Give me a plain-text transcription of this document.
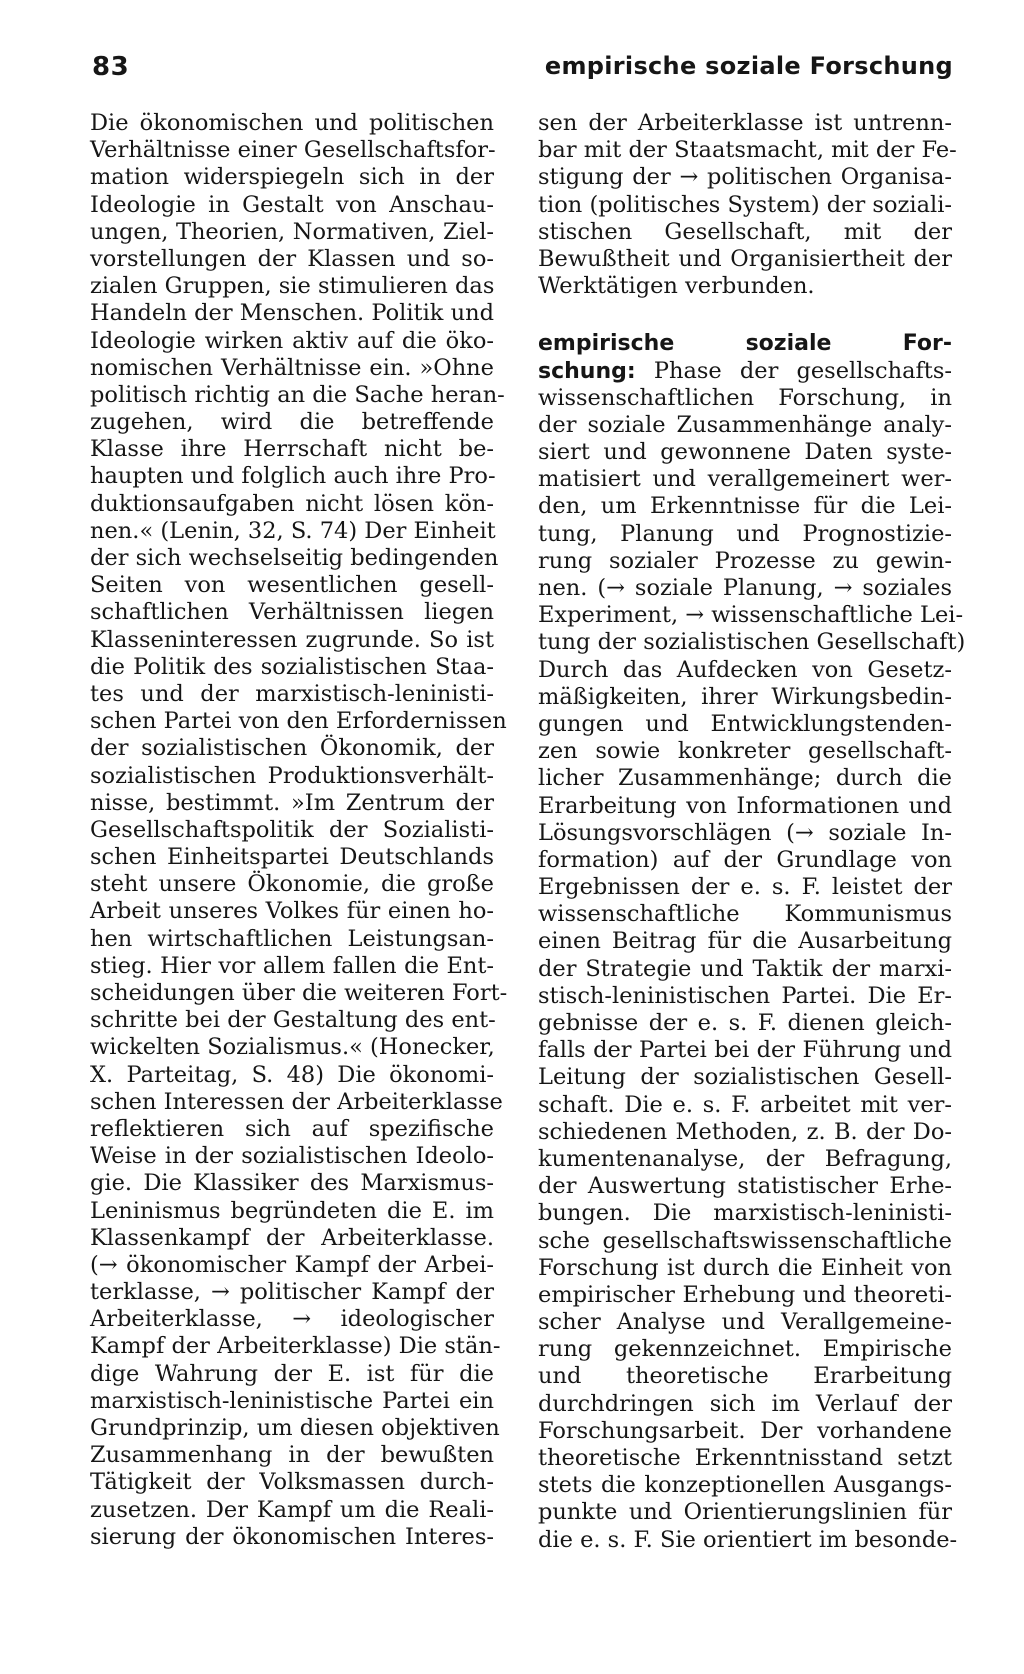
83	empirische soziale Forschung
Die ökonomischen und politischen
Verhältnisse einer Gesellschaftsfor-
mation widerspiegeln sich in der
Ideologie in Gestalt von Anschau-
ungen, Theorien, Normativen, Ziel-
vorstellungen der Klassen und so-
zialen Gruppen, sie stimulieren das
Handeln der Menschen. Politik und
Ideologie wirken aktiv auf die öko-
nomischen Verhältnisse ein. »Ohne
politisch richtig an die Sache heran-
zugehen, wird die betreffende
Klasse ihre Herrschaft nicht be-
haupten und folglich auch ihre Pro-
duktionsaufgaben nicht lösen kön-
nen.« (Lenin, 32, S. 74) Der Einheit
der sich wechselseitig bedingenden
Seiten von wesentlichen gesell-
schaftlichen Verhältnissen liegen
Klasseninteressen zugrunde. So ist
die Politik des sozialistischen Staa-
tes und der marxistisch-leninisti-
schen Partei von den Erfordernissen
der sozialistischen Ökonomik, der
sozialistischen Produktionsverhält-
nisse, bestimmt. »Im Zentrum der
Gesellschaftspolitik der Sozialisti-
schen Einheitspartei Deutschlands
steht unsere Ökonomie, die große
Arbeit unseres Volkes für einen ho-
hen wirtschaftlichen Leistungsan-
stieg. Hier vor allem fallen die Ent-
scheidungen über die weiteren Fort-
schritte bei der Gestaltung des ent-
wickelten Sozialismus.« (Honecker,
X. Parteitag, S. 48) Die ökonomi-
schen Interessen der Arbeiterklasse
reflektieren sich auf spezifische
Weise in der sozialistischen Ideolo-
gie. Die Klassiker des Marxismus-
Leninismus begründeten die E. im
Klassenkampf der Arbeiterklasse.
(→ ökonomischer Kampf der Arbei-
terklasse, → politischer Kampf der
Arbeiterklasse, → ideologischer
Kampf der Arbeiterklasse) Die stän-
dige Wahrung der E. ist für die
marxistisch-leninistische Partei ein
Grundprinzip, um diesen objektiven
Zusammenhang in der bewußten
Tätigkeit der Volksmassen durch-
zusetzen. Der Kampf um die Reali-
sierung der ökonomischen Interes-
sen der Arbeiterklasse ist untrenn-
bar mit der Staatsmacht, mit der Fe-
stigung der → politischen Organisa-
tion (politisches System) der soziali-
stischen Gesellschaft, mit der
Bewußtheit und Organisiertheit der
Werktätigen verbunden.
empirische soziale For-
schung: Phase der gesellschafts-
wissenschaftlichen Forschung, in
der soziale Zusammenhänge analy-
siert und gewonnene Daten syste-
matisiert und verallgemeinert wer-
den, um Erkenntnisse für die Lei-
tung, Planung und Prognostizie-
rung sozialer Prozesse zu gewin-
nen. (→ soziale Planung, → soziales
Experiment, → wissenschaftliche Lei-
tung der sozialistischen Gesellschaft)
Durch das Aufdecken von Gesetz-
mäßigkeiten, ihrer Wirkungsbedin-
gungen und Entwicklungstenden-
zen sowie konkreter gesellschaft-
licher Zusammenhänge; durch die
Erarbeitung von Informationen und
Lösungsvorschlägen (→ soziale In-
formation) auf der Grundlage von
Ergebnissen der e. s. F. leistet der
wissenschaftliche Kommunismus
einen Beitrag für die Ausarbeitung
der Strategie und Taktik der marxi-
stisch-leninistischen Partei. Die Er-
gebnisse der e. s. F. dienen gleich-
falls der Partei bei der Führung und
Leitung der sozialistischen Gesell-
schaft. Die e. s. F. arbeitet mit ver-
schiedenen Methoden, z. B. der Do-
kumentenanalyse, der Befragung,
der Auswertung statistischer Erhe-
bungen. Die marxistisch-leninisti-
sche gesellschaftswissenschaftliche
Forschung ist durch die Einheit von
empirischer Erhebung und theoreti-
scher Analyse und Verallgemeine-
rung gekennzeichnet. Empirische
und theoretische Erarbeitung
durchdringen sich im Verlauf der
Forschungsarbeit. Der vorhandene
theoretische Erkenntnisstand setzt
stets die konzeptionellen Ausgangs-
punkte und Orientierungslinien für
die e. s. F. Sie orientiert im besonde-
